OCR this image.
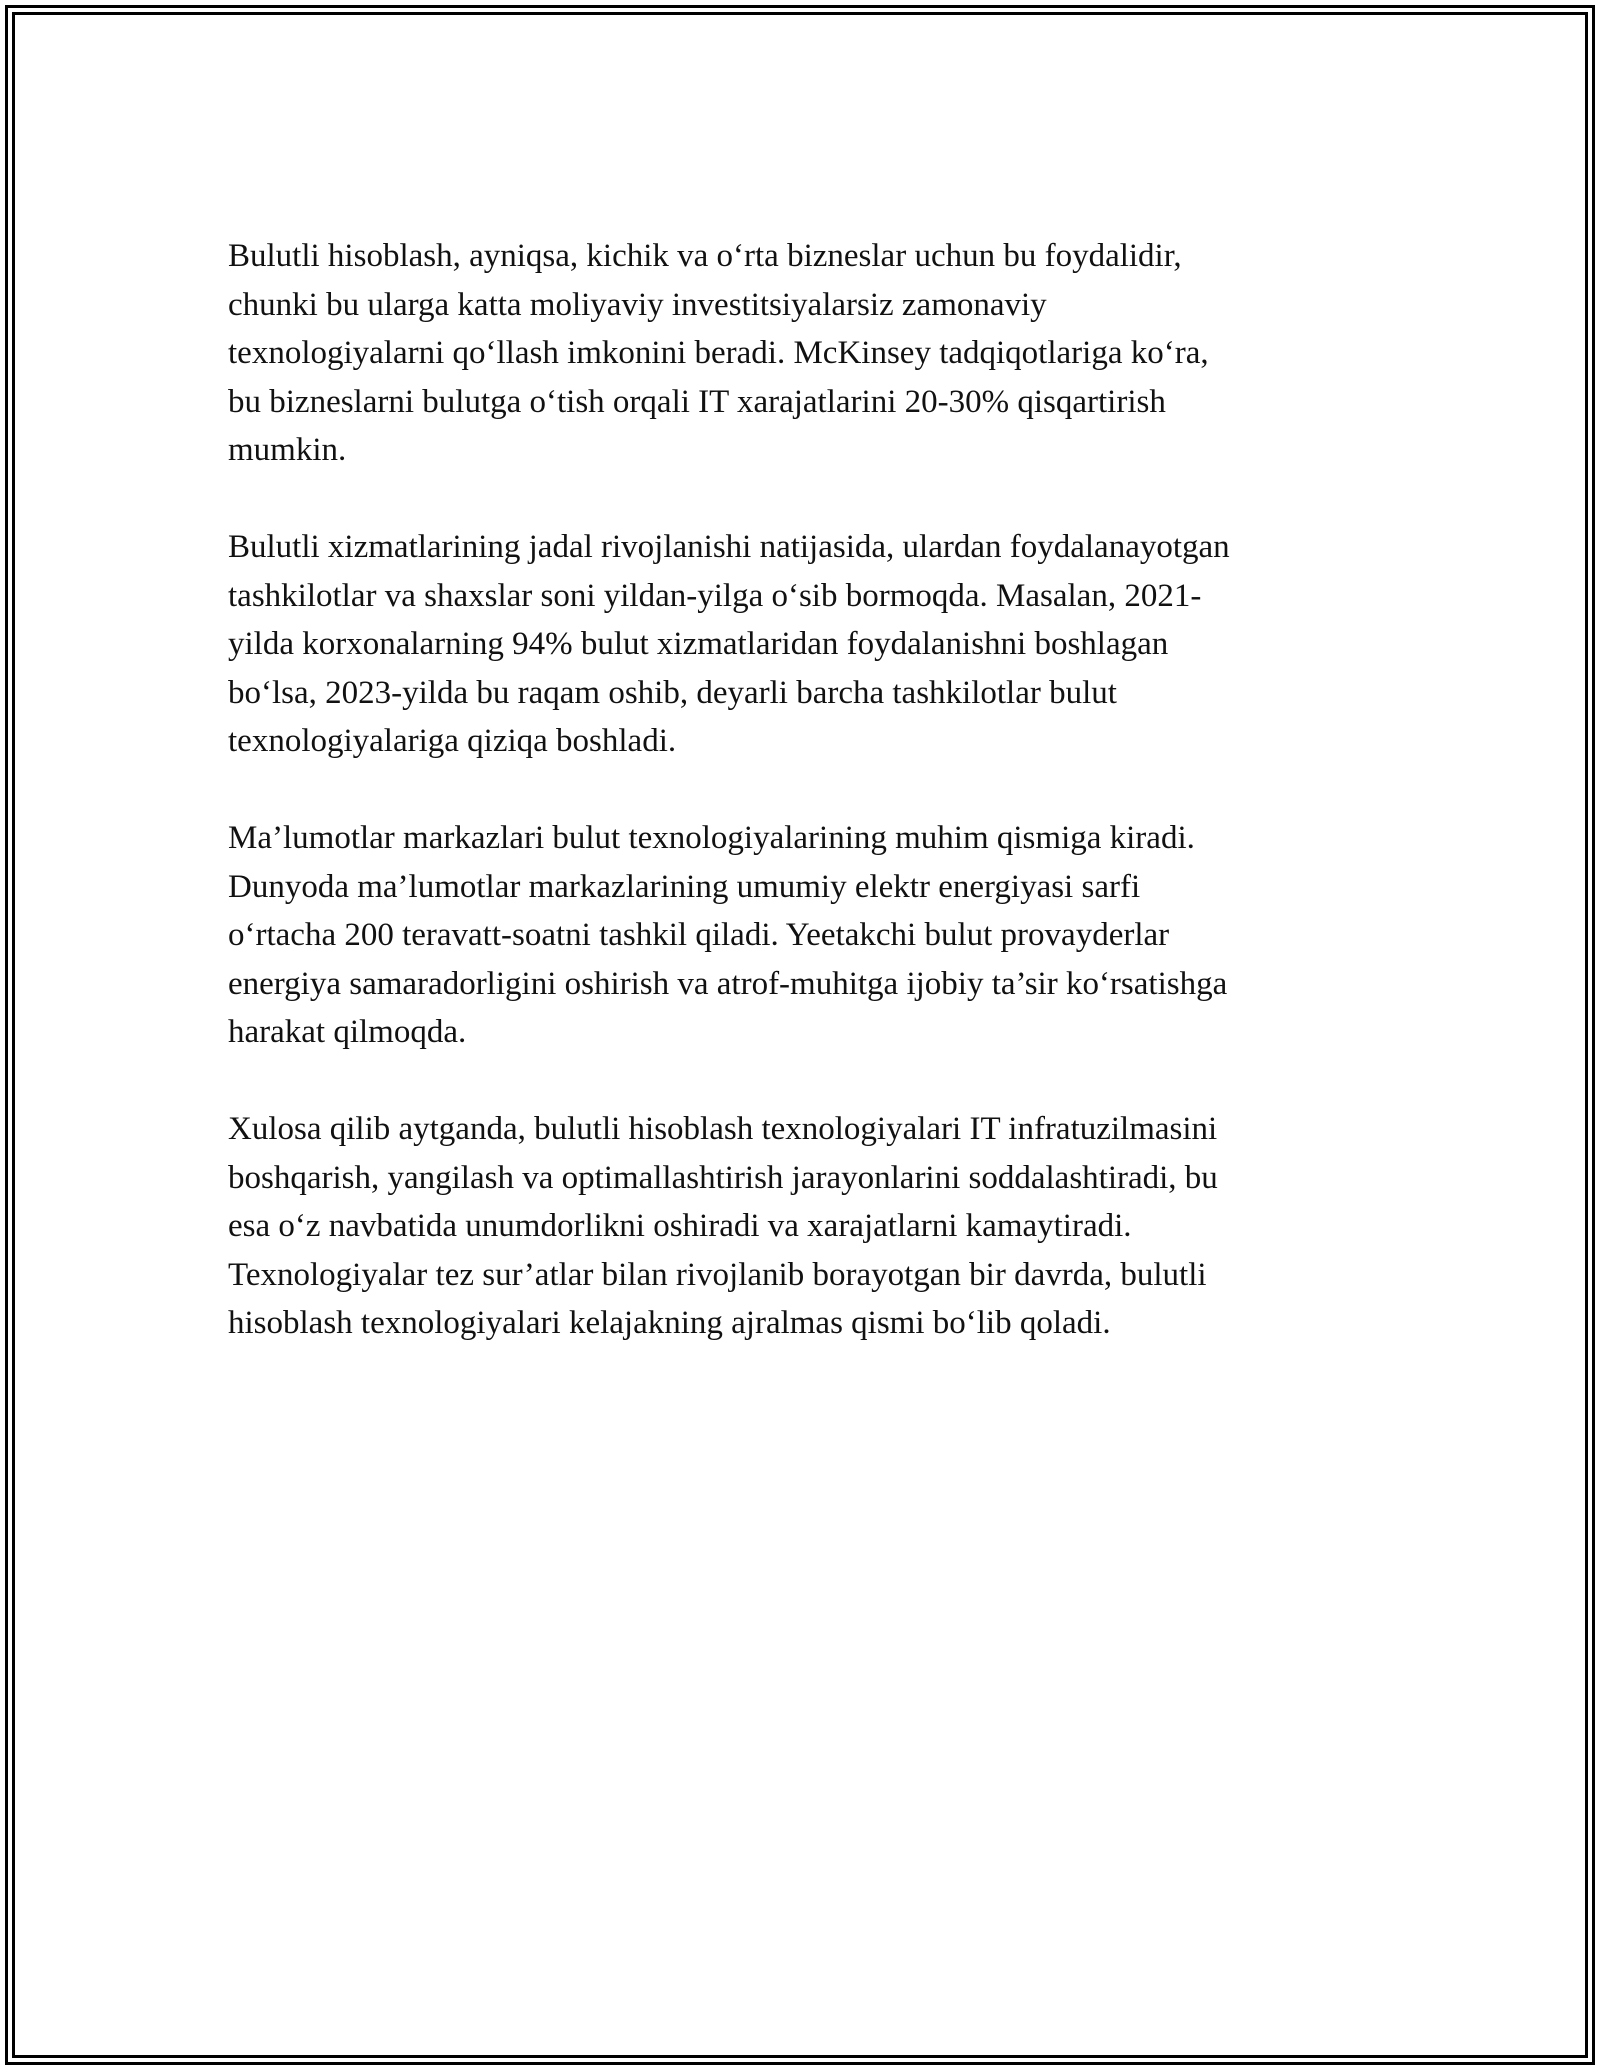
Bulutli hisoblash, ayniqsa, kichik va o‘rta bizneslar uchun bu foydalidir,
chunki bu ularga katta moliyaviy investitsiyalarsiz zamonaviy
texnologiyalarni qo‘llash imkonini beradi. McKinsey tadqiqotlariga ko‘ra,
bu bizneslarni bulutga o‘tish orqali IT xarajatlarini 20-30% qisqartirish
mumkin.

Bulutli xizmatlarining jadal rivojlanishi natijasida, ulardan foydalanayotgan
tashkilotlar va shaxslar soni yildan-yilga o‘sib bormoqda. Masalan, 2021-
yilda korxonalarning 94% bulut xizmatlaridan foydalanishni boshlagan
bo‘lsa, 2023-yilda bu raqam oshib, deyarli barcha tashkilotlar bulut
texnologiyalariga qiziqa boshladi.

Ma’lumotlar markazlari bulut texnologiyalarining muhim qismiga kiradi.
Dunyoda ma’lumotlar markazlarining umumiy elektr energiyasi sarfi
o‘rtacha 200 teravatt-soatni tashkil qiladi. Yeetakchi bulut provayderlar
energiya samaradorligini oshirish va atrof-muhitga ijobiy ta’sir ko‘rsatishga
harakat qilmoqda.

Xulosa qilib aytganda, bulutli hisoblash texnologiyalari IT infratuzilmasini
boshqarish, yangilash va optimallashtirish jarayonlarini soddalashtiradi, bu
esa o‘z navbatida unumdorlikni oshiradi va xarajatlarni kamaytiradi.
Texnologiyalar tez sur’atlar bilan rivojlanib borayotgan bir davrda, bulutli
hisoblash texnologiyalari kelajakning ajralmas qismi bo‘lib qoladi.
